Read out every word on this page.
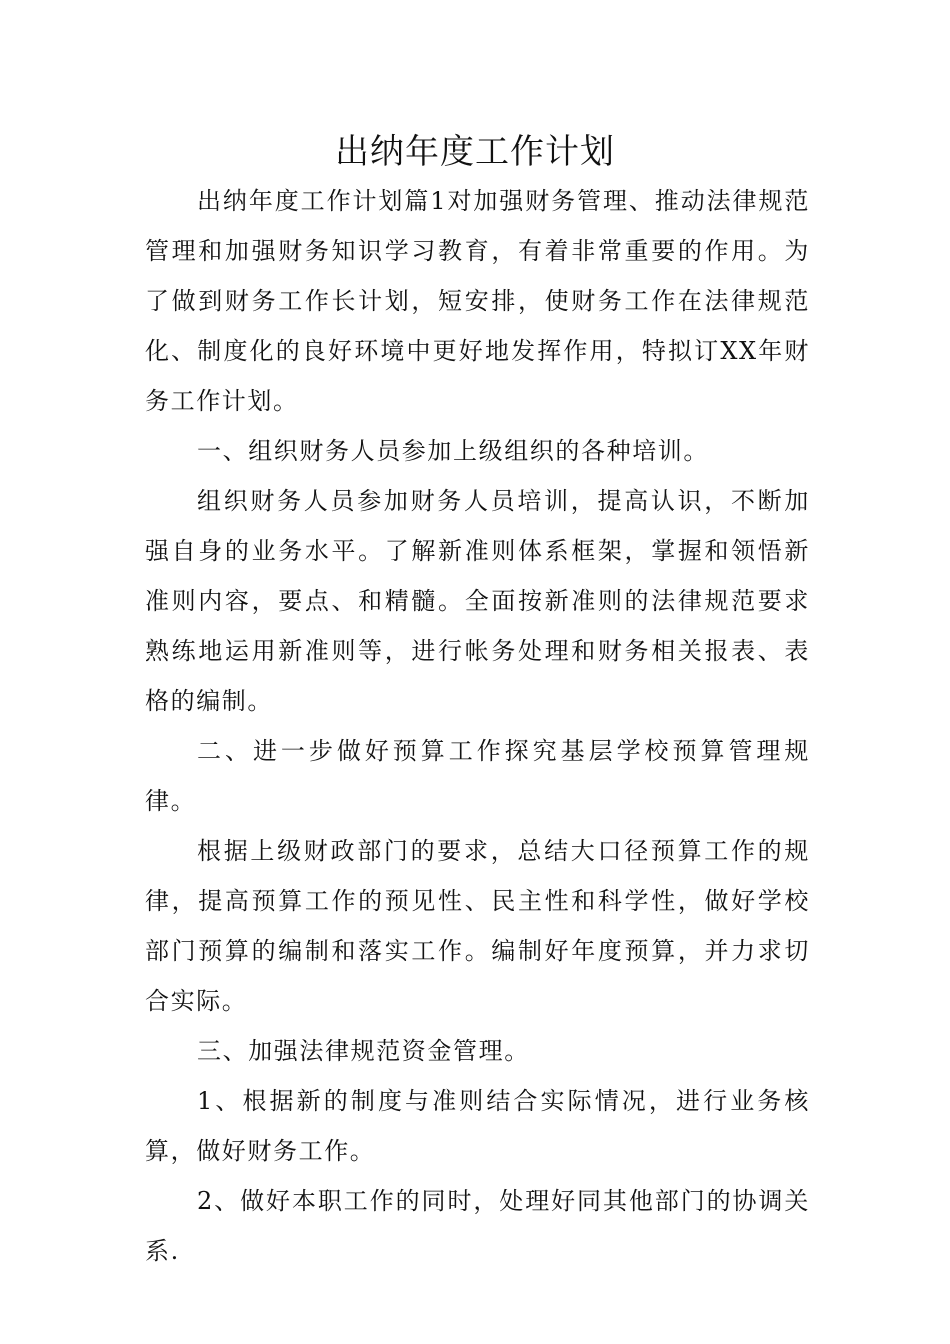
出纳年度工作计划

出纳年度工作计划篇1对加强财务管理、推动法律规范管理和加强财务知识学习教育，有着非常重要的作用。为了做到财务工作长计划，短安排，使财务工作在法律规范化、制度化的良好环境中更好地发挥作用，特拟订XX年财务工作计划。

一、组织财务人员参加上级组织的各种培训。

组织财务人员参加财务人员培训，提高认识，不断加强自身的业务水平。了解新准则体系框架，掌握和领悟新准则内容，要点、和精髓。全面按新准则的法律规范要求熟练地运用新准则等，进行帐务处理和财务相关报表、表格的编制。

二、进一步做好预算工作探究基层学校预算管理规律。

根据上级财政部门的要求，总结大口径预算工作的规律，提高预算工作的预见性、民主性和科学性，做好学校部门预算的编制和落实工作。编制好年度预算，并力求切合实际。

三、加强法律规范资金管理。

1、根据新的制度与准则结合实际情况，进行业务核算，做好财务工作。

2、做好本职工作的同时，处理好同其他部门的协调关系.
